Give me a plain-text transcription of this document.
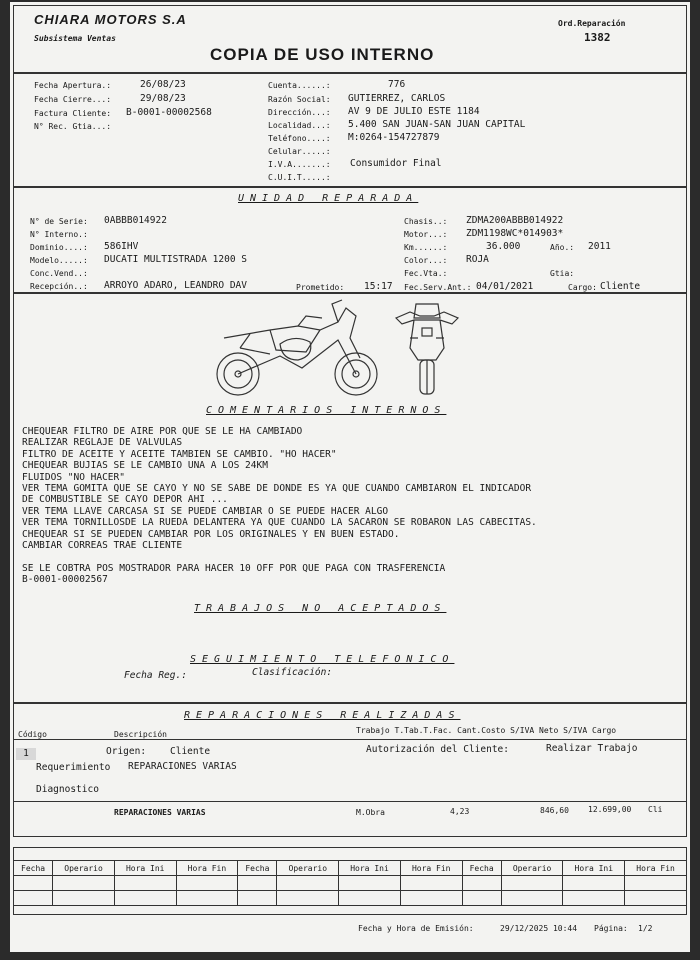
CHIARA MOTORS S.A
Subsistema Ventas
Ord.Reparación
1382
COPIA DE USO INTERNO
Fecha Apertura.:	26/08/23
Fecha Cierre...:	29/08/23
Factura Cliente: B-0001-00002568
N° Rec. Gtia...:
Cuenta......:	776
Razón Social: GUTIERREZ, CARLOS
Dirección...: AV 9 DE JULIO ESTE 1184
Localidad...: 5.400 SAN JUAN-SAN JUAN CAPITAL
Teléfono....: M:0264-154727879
Celular.....:
I.V.A.......: Consumidor Final
C.U.I.T.....:
UNIDAD REPARADA
N° de Serie: 0ABBB014922
N° Interno.:
Dominio....: 586IHV
Modelo.....: DUCATI MULTISTRADA 1200 S
Conc.Vend..:
Recepción..: ARROYO ADARO, LEANDRO DAV	Prometido: 15:17
Chasis..: ZDMA200ABBB014922
Motor...: ZDM1198WC*014903*
Km......:	36.000	Año.: 2011
Color...: ROJA
Fec.Vta.:	Gtia:
Fec.Serv.Ant.: 04/01/2021	Cargo: Cliente
COMENTARIOS INTERNOS
CHEQUEAR FILTRO DE AIRE POR QUE SE LE HA CAMBIADO
REALIZAR REGLAJE DE VALVULAS
FILTRO DE ACEITE Y ACEITE TAMBIEN SE CAMBIO. "HO HACER"
CHEQUEAR BUJIAS SE LE CAMBIO UNA A LOS 24KM
FLUIDOS "NO HACER"
VER TEMA GOMITA QUE SE CAYO Y NO SE SABE DE DONDE ES YA QUE CUANDO CAMBIARON EL INDICADOR
DE COMBUSTIBLE SE CAYO DEPOR AHI ...
VER TEMA LLAVE CARCASA SI SE PUEDE CAMBIAR O SE PUEDE HACER ALGO
VER TEMA TORNILLOSDE LA RUEDA DELANTERA YA QUE CUANDO LA SACARON SE ROBARON LAS CABECITAS.
CHEQUEAR SI SE PUEDEN CAMBIAR POR LOS ORIGINALES Y EN BUEN ESTADO.
CAMBIAR CORREAS TRAE CLIENTE

SE LE COBTRA POS MOSTRADOR PARA HACER 10 OFF POR QUE PAGA CON TRASFERENCIA
B-0001-00002567
TRABAJOS NO ACEPTADOS
SEGUIMIENTO TELEFONICO
Fecha Reg.:	Clasificación:
REPARACIONES REALIZADAS
Código	Descripción	Trabajo T.Tab.T.Fac. Cant.Costo S/IVA Neto S/IVA Cargo
1	Origen:	Cliente	Autorización del Cliente:	Realizar Trabajo
Requerimiento REPARACIONES VARIAS
Diagnostico
REPARACIONES VARIAS	M.Obra	4,23	846,60 12.699,00 Cli
Fecha	Operario	Hora Ini	Hora Fin	Fecha	Operario	Hora Ini	Hora Fin	Fecha	Operario	Hora Ini	Hora Fin

Fecha y Hora de Emisión:	29/12/2025 10:44 Página: 1/2
